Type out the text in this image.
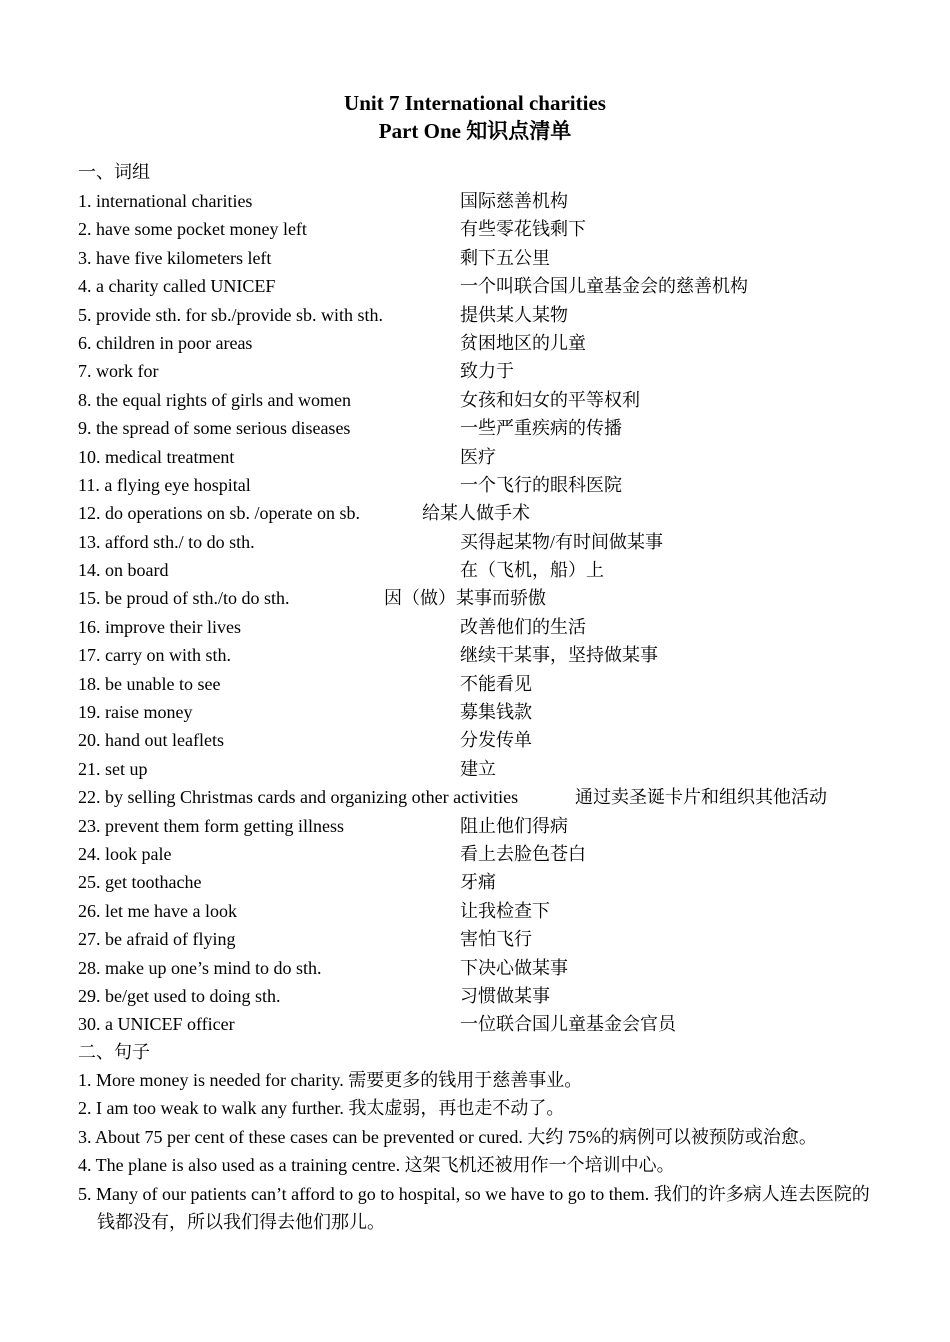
Unit 7 International charities
Part One 知识点清单
一、词组
1. international charities	国际慈善机构
2. have some pocket money left	有些零花钱剩下
3. have five kilometers left	剩下五公里
4. a charity called UNICEF	一个叫联合国儿童基金会的慈善机构
5. provide sth. for sb./provide sb. with sth.	提供某人某物
6. children in poor areas	贫困地区的儿童
7. work for	致力于
8. the equal rights of girls and women	女孩和妇女的平等权利
9. the spread of some serious diseases	一些严重疾病的传播
10. medical treatment	医疗
11. a flying eye hospital	一个飞行的眼科医院
12. do operations on sb. /operate on sb.	给某人做手术
13. afford sth./ to do sth.	买得起某物/有时间做某事
14. on board	在（飞机，船）上
15. be proud of sth./to do sth.	因（做）某事而骄傲
16. improve their lives	改善他们的生活
17. carry on with sth.	继续干某事，坚持做某事
18. be unable to see	不能看见
19. raise money	募集钱款
20. hand out leaflets	分发传单
21. set up	建立
22. by selling Christmas cards and organizing other activities	通过卖圣诞卡片和组织其他活动
23. prevent them form getting illness	阻止他们得病
24. look pale	看上去脸色苍白
25. get toothache	牙痛
26. let me have a look	让我检查下
27. be afraid of flying	害怕飞行
28. make up one’s mind to do sth.	下决心做某事
29. be/get used to doing sth.	习惯做某事
30. a UNICEF officer	一位联合国儿童基金会官员
二、句子
1. More money is needed for charity. 需要更多的钱用于慈善事业。
2. I am too weak to walk any further. 我太虚弱，再也走不动了。
3. About 75 per cent of these cases can be prevented or cured. 大约 75%的病例可以被预防或治愈。
4. The plane is also used as a training centre. 这架飞机还被用作一个培训中心。
5. Many of our patients can’t afford to go to hospital, so we have to go to them. 我们的许多病人连去医院的钱都没有，所以我们得去他们那儿。
